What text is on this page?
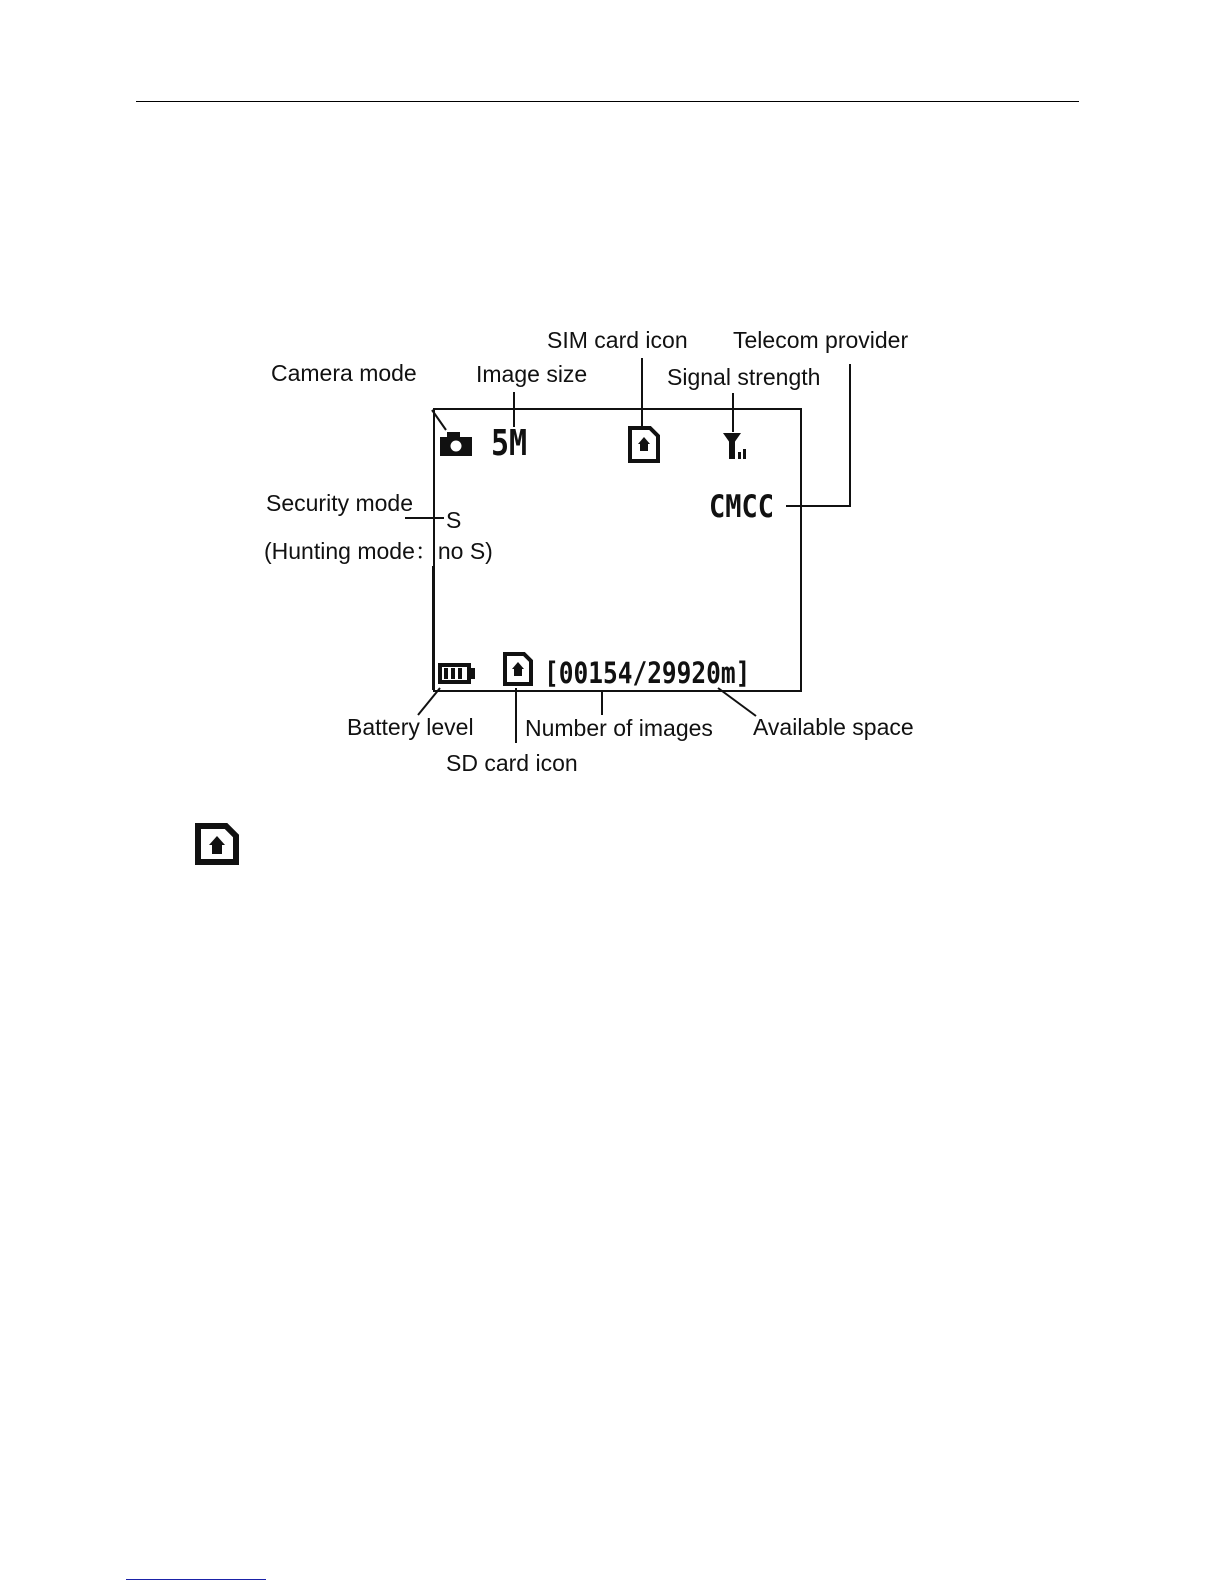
5M
CMCC
S
[00154/29920m]
Camera mode	Image size
SIM card icon
Signal strength
Telecom provider
Security mode
(Hunting mode：no S)
Battery level Number of images Available space
SD card icon
